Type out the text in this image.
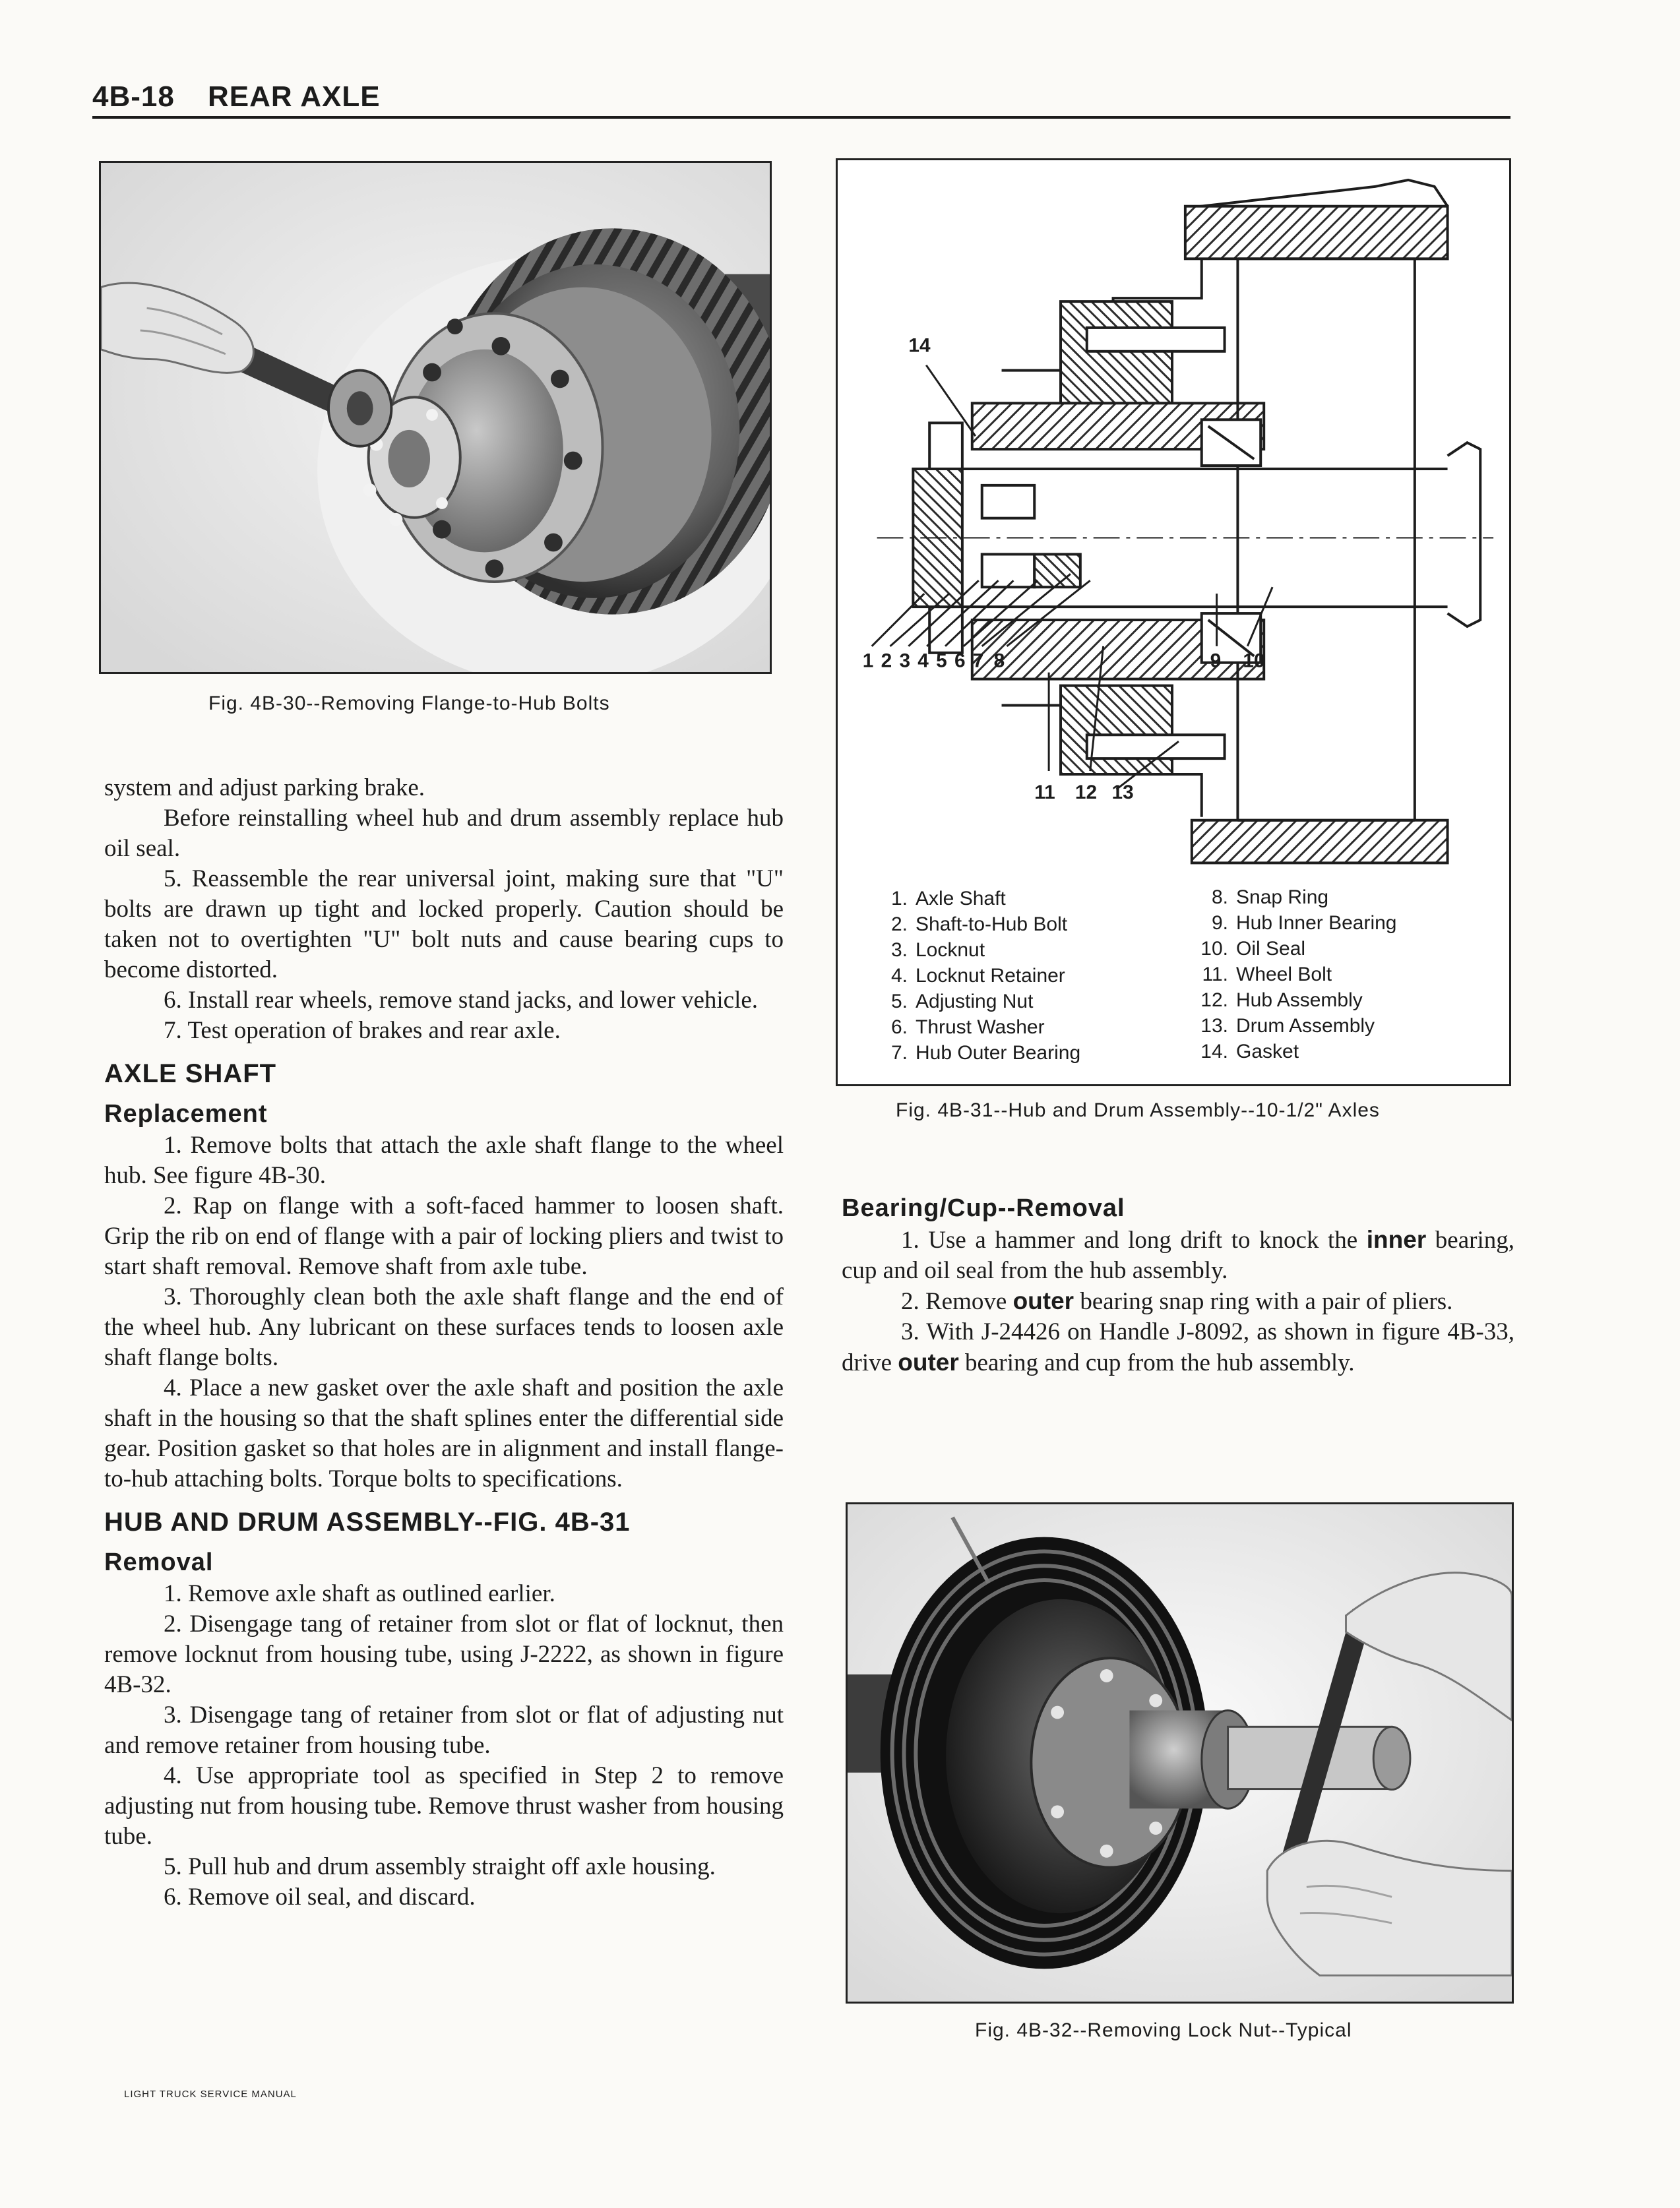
4B-18 REAR AXLE
Fig. 4B-30--Removing Flange-to-Hub Bolts
14
1 2 3 4 5 6 7 8	9 10
11 12 13
1. Axle Shaft
2. Shaft-to-Hub Bolt
3. Locknut
4. Locknut Retainer
5. Adjusting Nut
6. Thrust Washer
7. Hub Outer Bearing
8. Snap Ring
9. Hub Inner Bearing
10. Oil Seal
11. Wheel Bolt
12. Hub Assembly
13. Drum Assembly
14. Gasket
Fig. 4B-31--Hub and Drum Assembly--10-1/2" Axles

system and adjust parking brake.

Before reinstalling wheel hub and drum assembly replace hub oil seal.

5. Reassemble the rear universal joint, making sure that "U" bolts are drawn up tight and locked properly. Caution should be taken not to overtighten "U" bolt nuts and cause bearing cups to become distorted.

6. Install rear wheels, remove stand jacks, and lower vehicle.

7. Test operation of brakes and rear axle.

AXLE SHAFT
Replacement

1. Remove bolts that attach the axle shaft flange to the wheel hub. See figure 4B-30.

2. Rap on flange with a soft-faced hammer to loosen shaft. Grip the rib on end of flange with a pair of locking pliers and twist to start shaft removal. Remove shaft from axle tube.

3. Thoroughly clean both the axle shaft flange and the end of the wheel hub. Any lubricant on these surfaces tends to loosen axle shaft flange bolts.

4. Place a new gasket over the axle shaft and position the axle shaft in the housing so that the shaft splines enter the differential side gear. Position gasket so that holes are in alignment and install flange-to-hub attaching bolts. Torque bolts to specifications.

HUB AND DRUM ASSEMBLY--FIG. 4B-31
Removal

1. Remove axle shaft as outlined earlier.

2. Disengage tang of retainer from slot or flat of locknut, then remove locknut from housing tube, using J-2222, as shown in figure 4B-32.

3. Disengage tang of retainer from slot or flat of adjusting nut and remove retainer from housing tube.

4. Use appropriate tool as specified in Step 2 to remove adjusting nut from housing tube. Remove thrust washer from housing tube.

5. Pull hub and drum assembly straight off axle housing.

6. Remove oil seal, and discard.

Bearing/Cup--Removal

1. Use a hammer and long drift to knock the inner bearing, cup and oil seal from the hub assembly.

2. Remove outer bearing snap ring with a pair of pliers.

3. With J-24426 on Handle J-8092, as shown in figure 4B-33, drive outer bearing and cup from the hub assembly.

Fig. 4B-32--Removing Lock Nut--Typical
LIGHT TRUCK SERVICE MANUAL
